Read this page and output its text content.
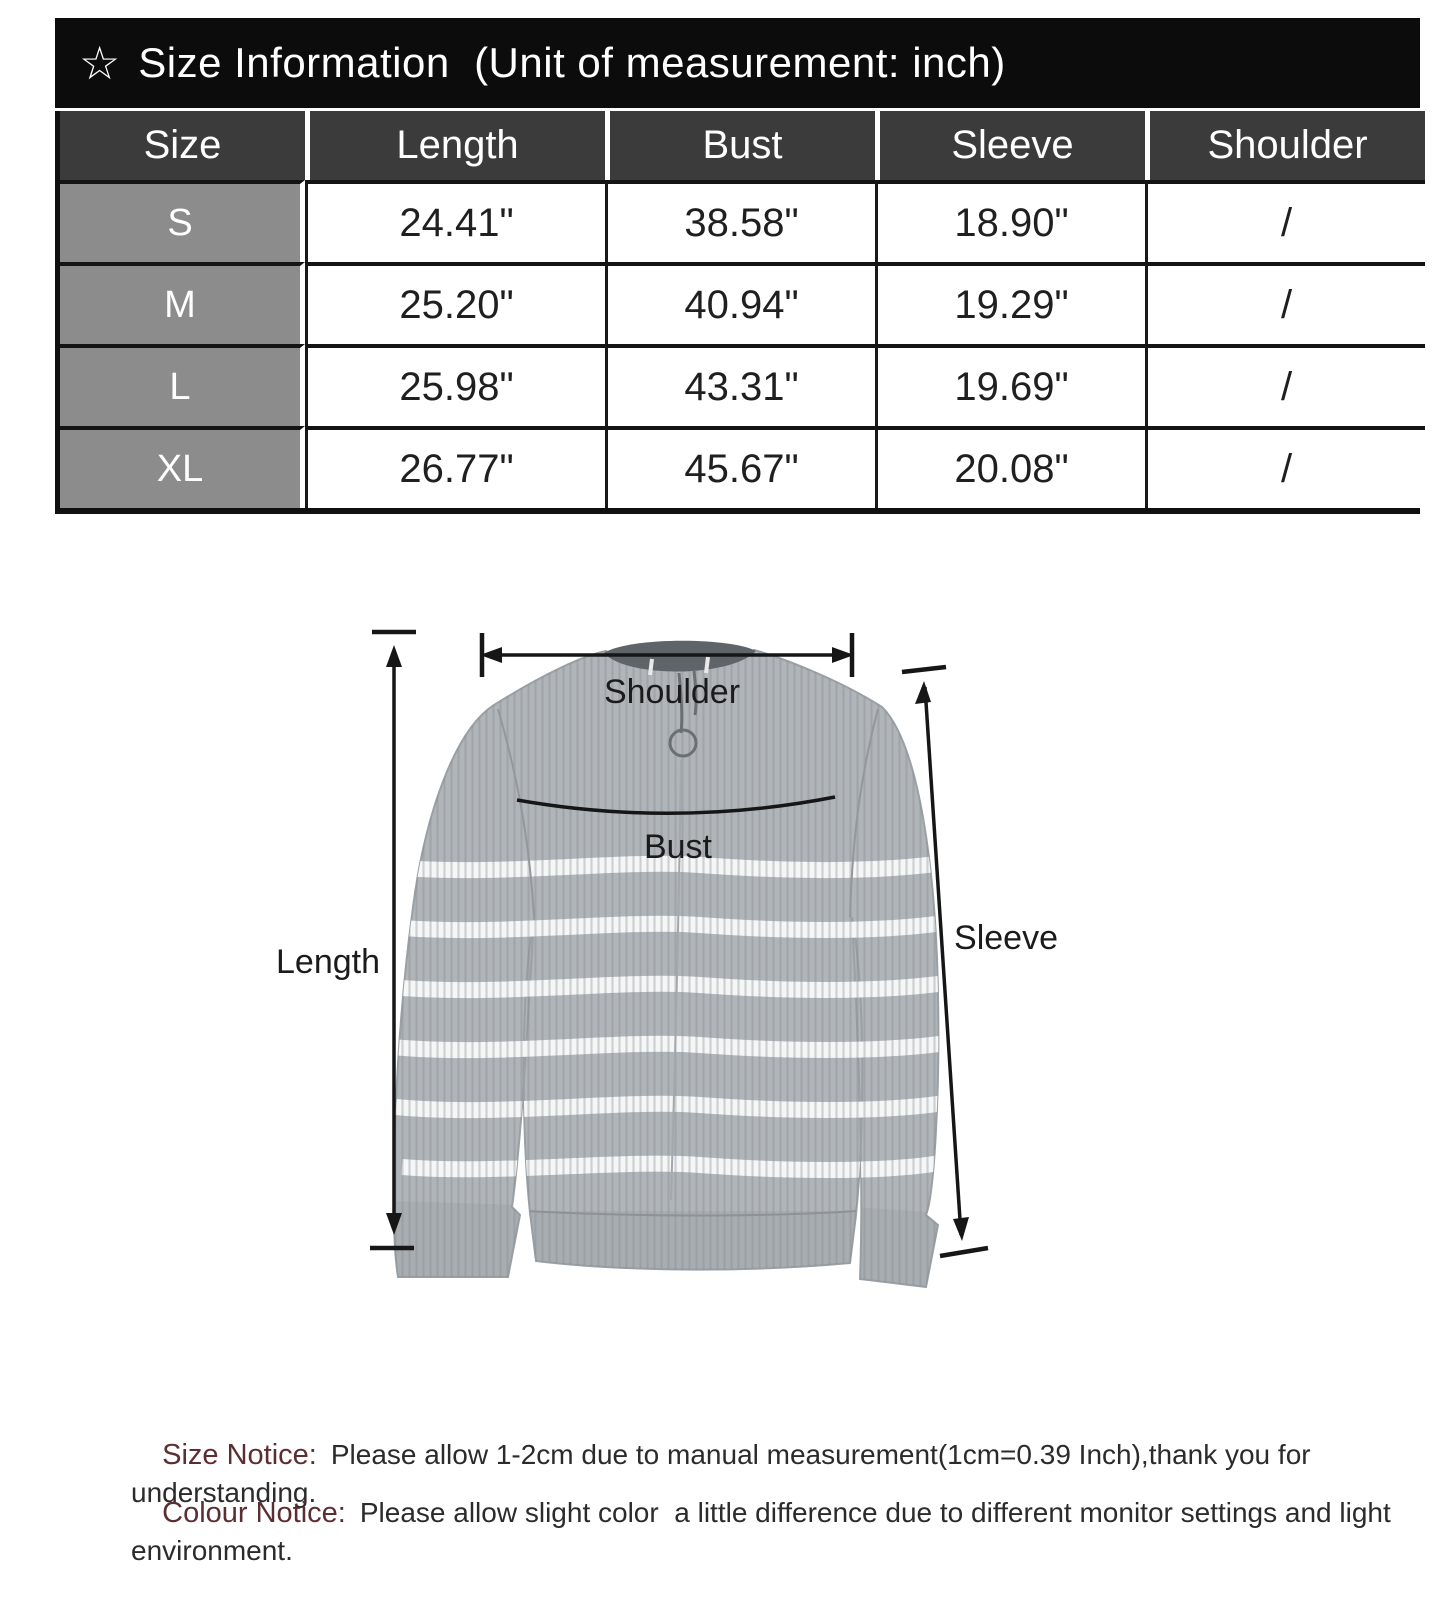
☆ Size Information  (Unit of measurement: inch)
Size	Length	Bust	Sleeve	Shoulder
S	24.41"	38.58"	18.90"	/
M	25.20"	40.94"	19.29"	/
L	25.98"	43.31"	19.69"	/
XL	26.77"	45.67"	20.08"	/
Shoulder
Bust
Length
Sleeve

Size Notice: Please allow 1-2cm due to manual measurement(1cm=0.39 Inch),thank you for understanding.

Colour Notice: Please allow slight color  a little difference due to different monitor settings and light environment.
